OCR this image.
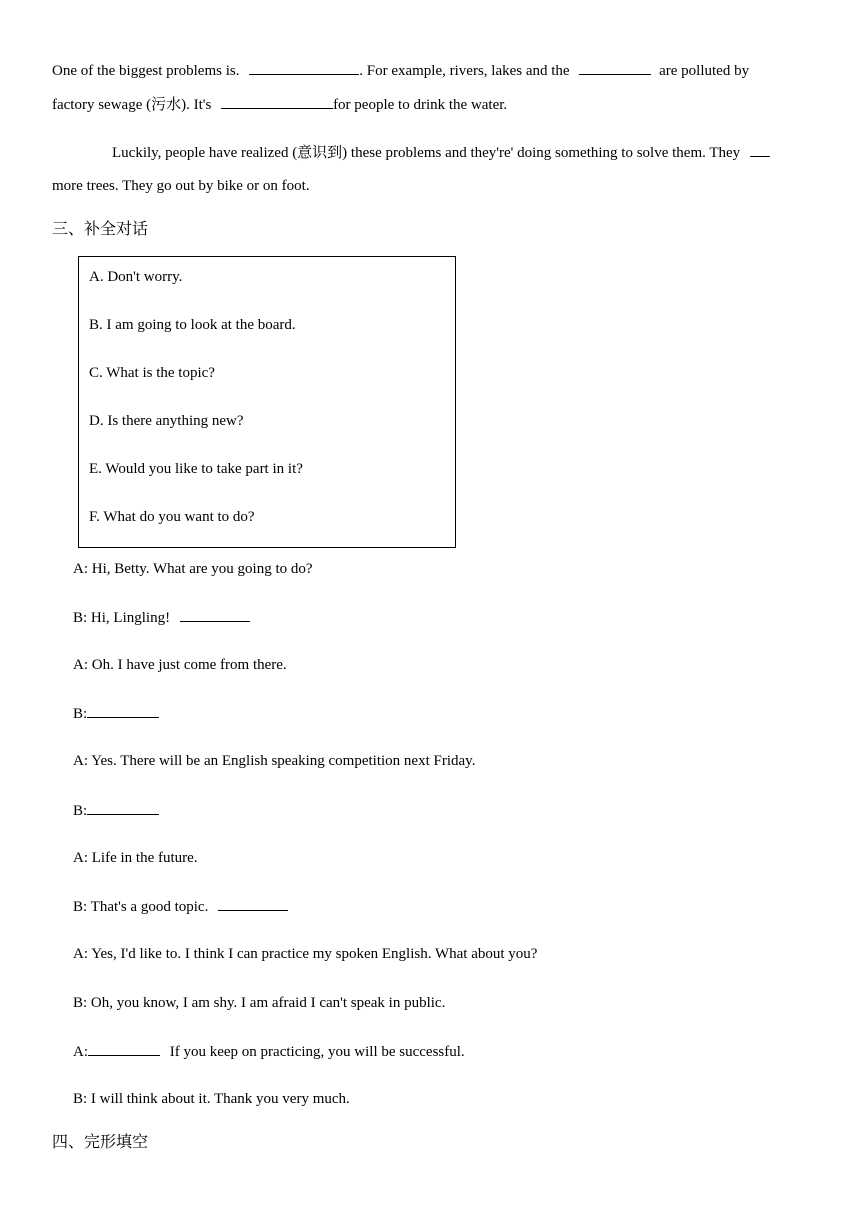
One of the biggest problems is.	. For example, rivers, lakes and the	are polluted by
factory sewage (污水). It's	for people to drink the water.
Luckily, people have realized (意识到) these problems and they're' doing something to solve them. They
more trees. They go out by bike or on foot.
三、补全对话
A. Don't worry.
B. I am going to look at the board.
C. What is the topic?
D. Is there anything new?
E. Would you like to take part in it?
F. What do you want to do?
A: Hi, Betty. What are you going to do?
B: Hi, Lingling!
A: Oh. I have just come from there.
B:
A: Yes. There will be an English speaking competition next Friday.
B:
A: Life in the future.
B: That's a good topic.
A: Yes, I'd like to. I think I can practice my spoken English. What about you?
B: Oh, you know, I am shy. I am afraid I can't speak in public.
A:	If you keep on practicing, you will be successful.
B: I will think about it. Thank you very much.
四、完形填空
